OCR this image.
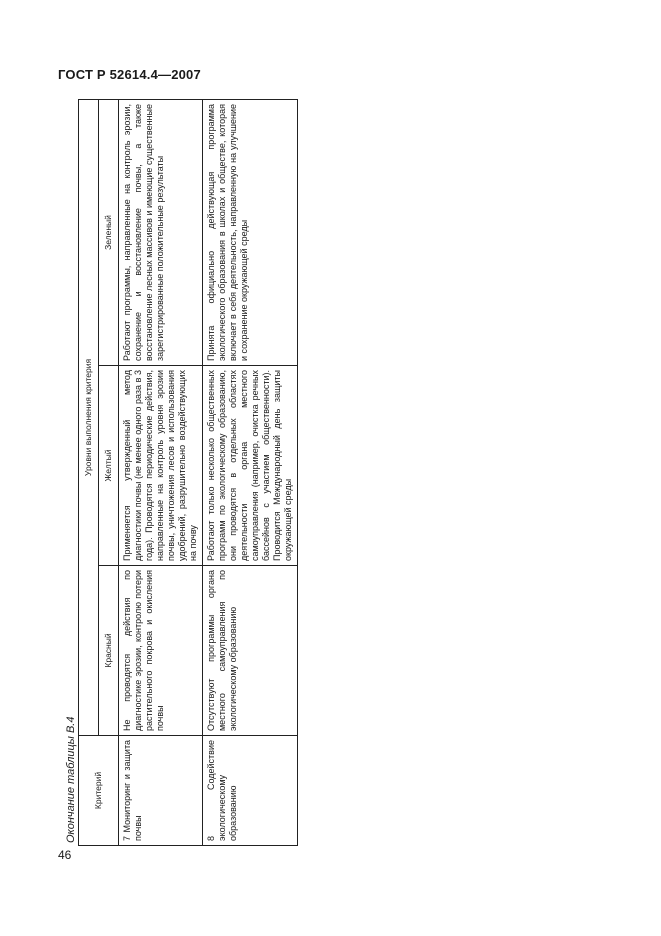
ГОСТ Р 52614.4—2007
46
Окончание таблицы В.4 Критерий	Уровни выполнения критерия		
	Красный	Желтый	Зеленый
7 Мониторинг и защита почвы	Не проводятся действия по диагностике эрозии, контролю потери растительного покрова и окисления почвы	Применяется утвержденный метод диагностики почвы (не менее одного раза в 3 года). Проводятся периодические действия, направленные на контроль уровня эрозии почвы, уничтожения лесов и использования удобрений, разрушительно воздействующих на почву	Работают программы, направленные на контроль эрозии, сохранение и восстановление почвы, а также восстановление лесных массивов и имеющие существенные зарегистрированные положительные результаты
8 Содействие экологическому образованию	Отсутствуют программы органа местного самоуправления по экологическому образованию	Работают только несколько общественных программ по экологическому образованию, они проводятся в отдельных областях деятельности органа местного самоуправления (например, очистка речных бассейнов с участием общественности). Проводится Международный день защиты окружающей среды	Принята официально действующая программа экологического образования в школах и обществе, которая включает в себя деятельность, направленную на улучшение и сохранение окружающей среды
